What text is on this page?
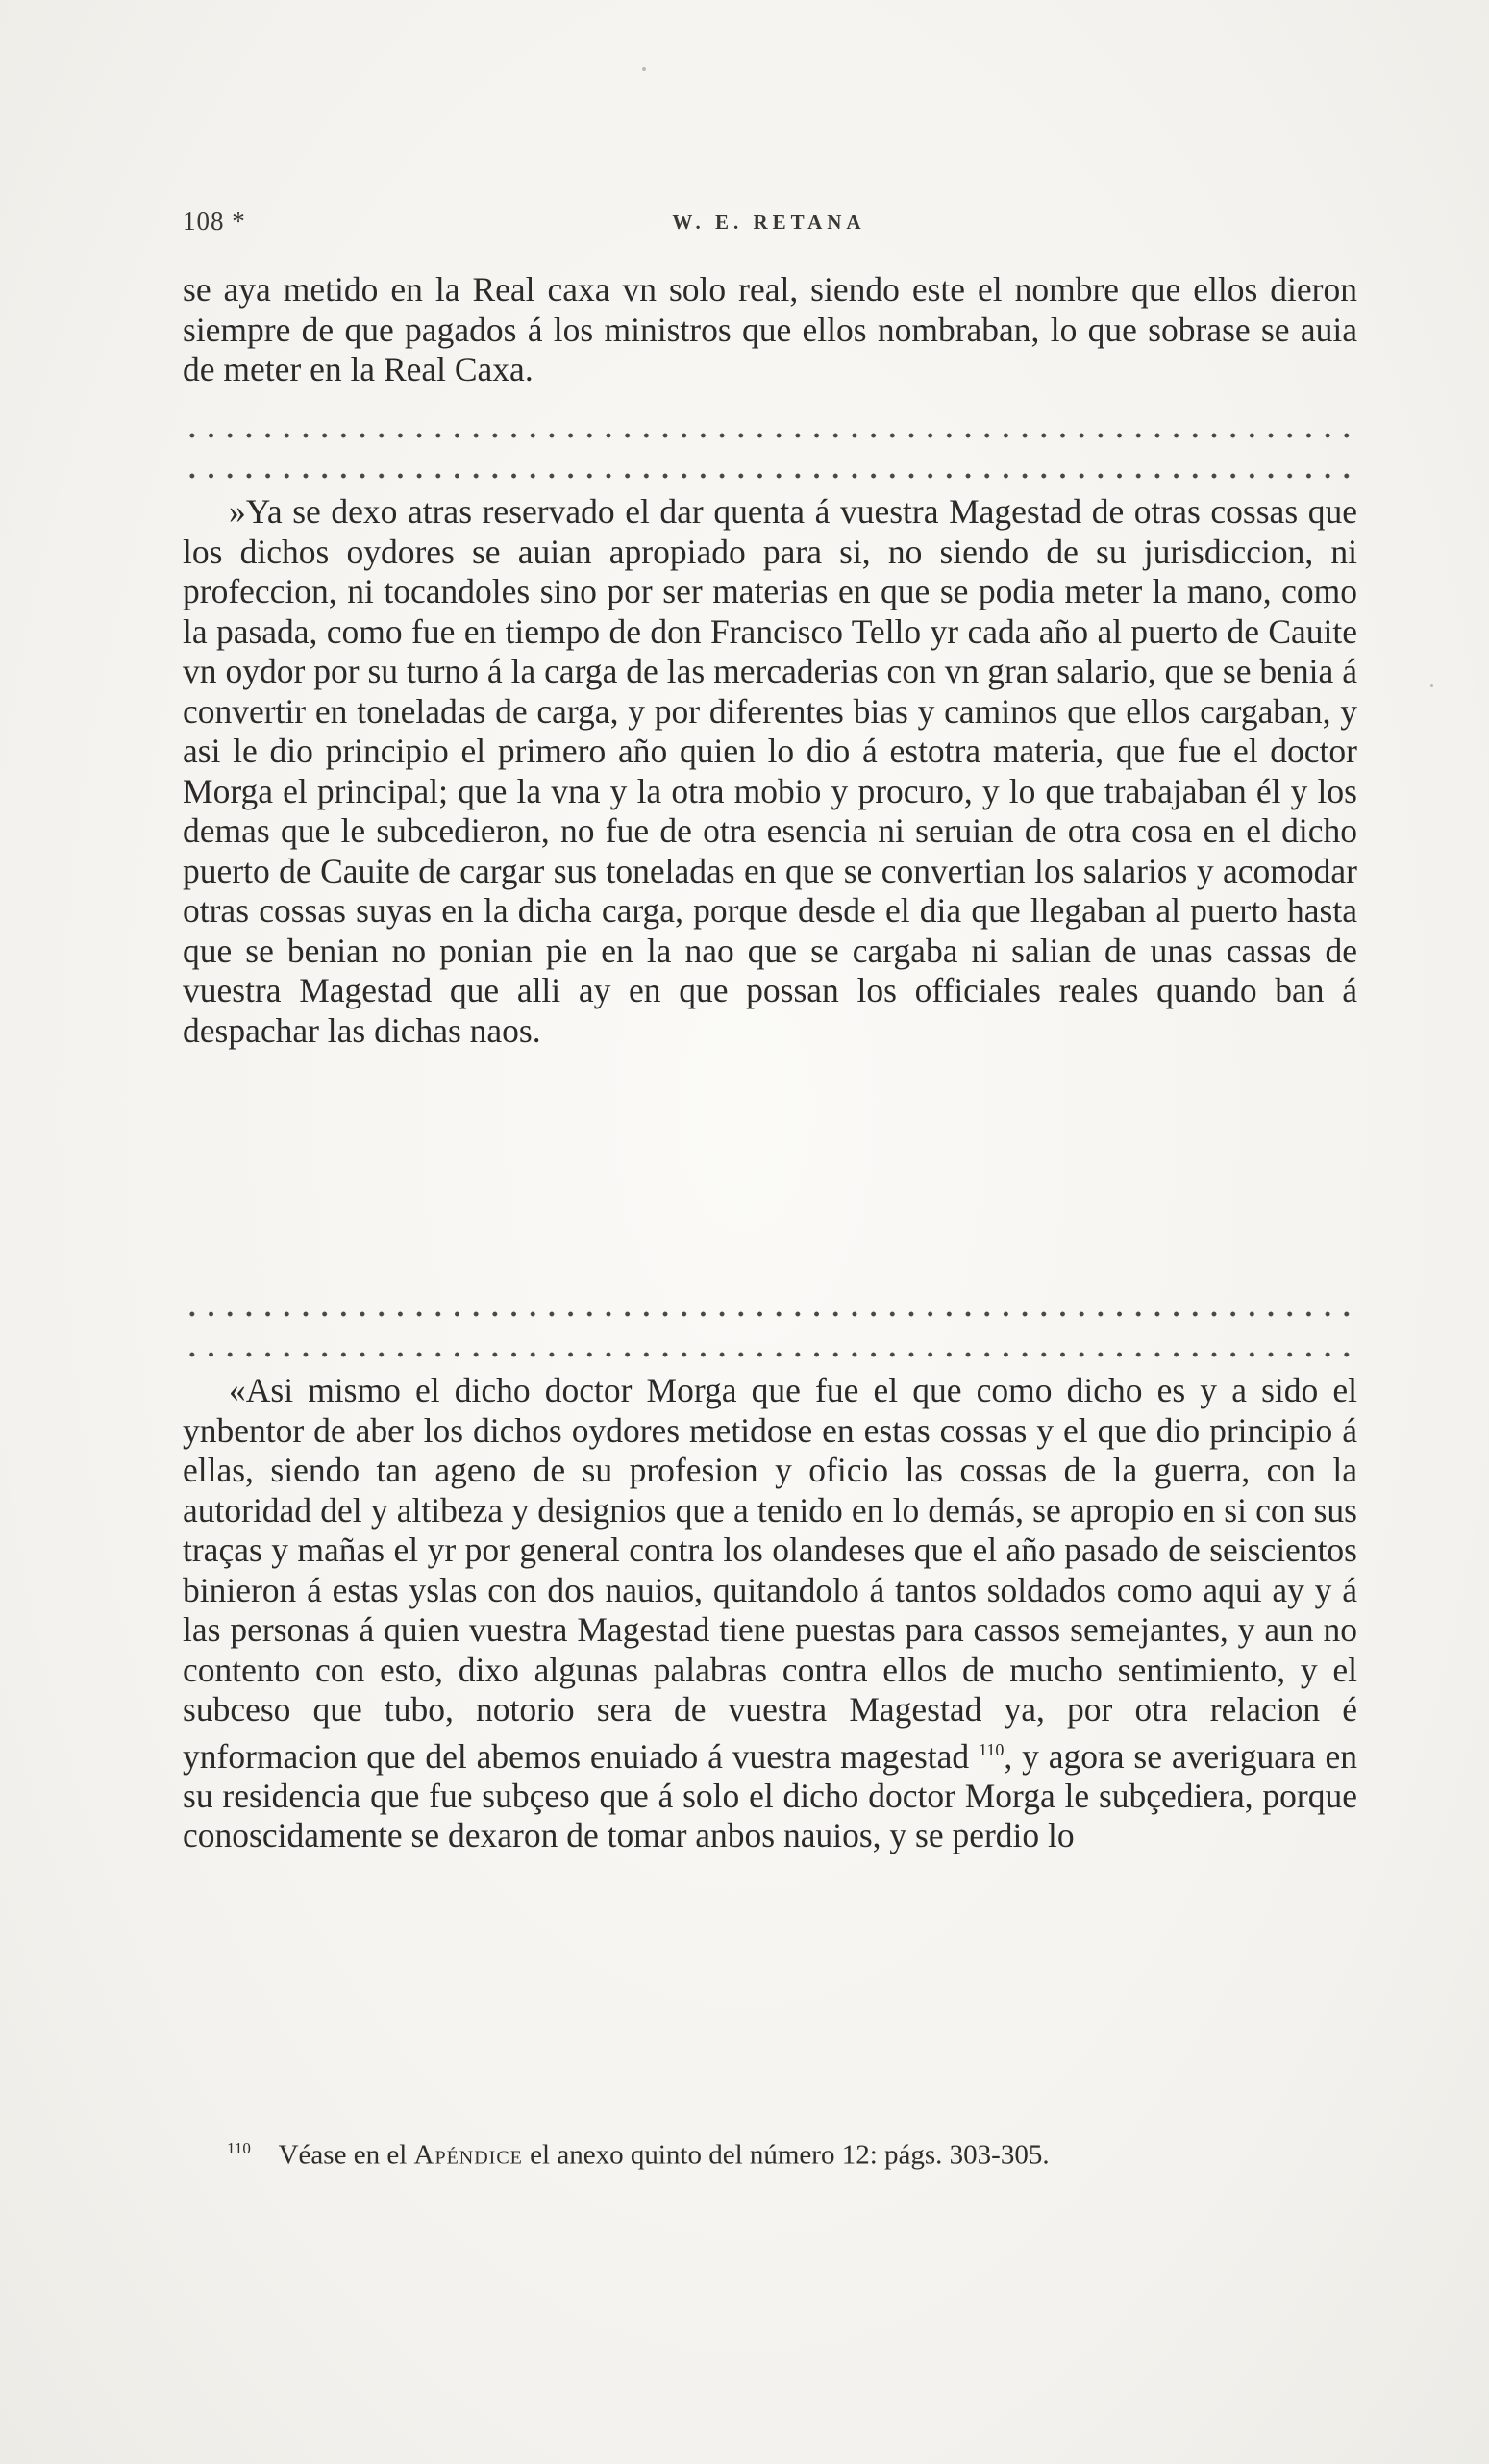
108 *	W. E. RETANA
se aya metido en la Real caxa vn solo real, siendo este el nombre que ellos dieron siempre de que pagados á los ministros que ellos nombraban, lo que sobrase se auia de meter en la Real Caxa.
»Ya se dexo atras reservado el dar quenta á vuestra Magestad de otras cossas que los dichos oydores se auian apropiado para si, no siendo de su jurisdiccion, ni profeccion, ni tocandoles sino por ser materias en que se podia meter la mano, como la pasada, como fue en tiempo de don Francisco Tello yr cada año al puerto de Cauite vn oydor por su turno á la carga de las mercaderias con vn gran salario, que se benia á convertir en toneladas de carga, y por diferentes bias y caminos que ellos cargaban, y asi le dio principio el primero año quien lo dio á estotra materia, que fue el doctor Morga el principal; que la vna y la otra mobio y procuro, y lo que trabajaban él y los demas que le subcedieron, no fue de otra esencia ni seruian de otra cosa en el dicho puerto de Cauite de cargar sus toneladas en que se convertian los salarios y acomodar otras cossas suyas en la dicha carga, porque desde el dia que llegaban al puerto hasta que se benian no ponian pie en la nao que se cargaba ni salian de unas cassas de vuestra Magestad que alli ay en que possan los officiales reales quando ban á despachar las dichas naos.
«Asi mismo el dicho doctor Morga que fue el que como dicho es y a sido el ynbentor de aber los dichos oydores metidose en estas cossas y el que dio principio á ellas, siendo tan ageno de su profesion y oficio las cossas de la guerra, con la autoridad del y altibeza y designios que a tenido en lo demás, se apropio en si con sus traças y mañas el yr por general contra los olandeses que el año pasado de seiscientos binieron á estas yslas con dos nauios, quitandolo á tantos soldados como aqui ay y á las personas á quien vuestra Magestad tiene puestas para cassos semejantes, y aun no contento con esto, dixo algunas palabras contra ellos de mucho sentimiento, y el subceso que tubo, notorio sera de vuestra Magestad ya, por otra relacion é ynformacion que del abemos enuiado á vuestra magestad $^{110}$, y agora se averiguara en su residencia que fue subçeso que á solo el dicho doctor Morga le subçediera, porque conoscidamente se dexaron de tomar anbos nauios, y se perdio lo
$^{110}$ Véase en el Apéndice el anexo quinto del número 12: págs. 303-305.
